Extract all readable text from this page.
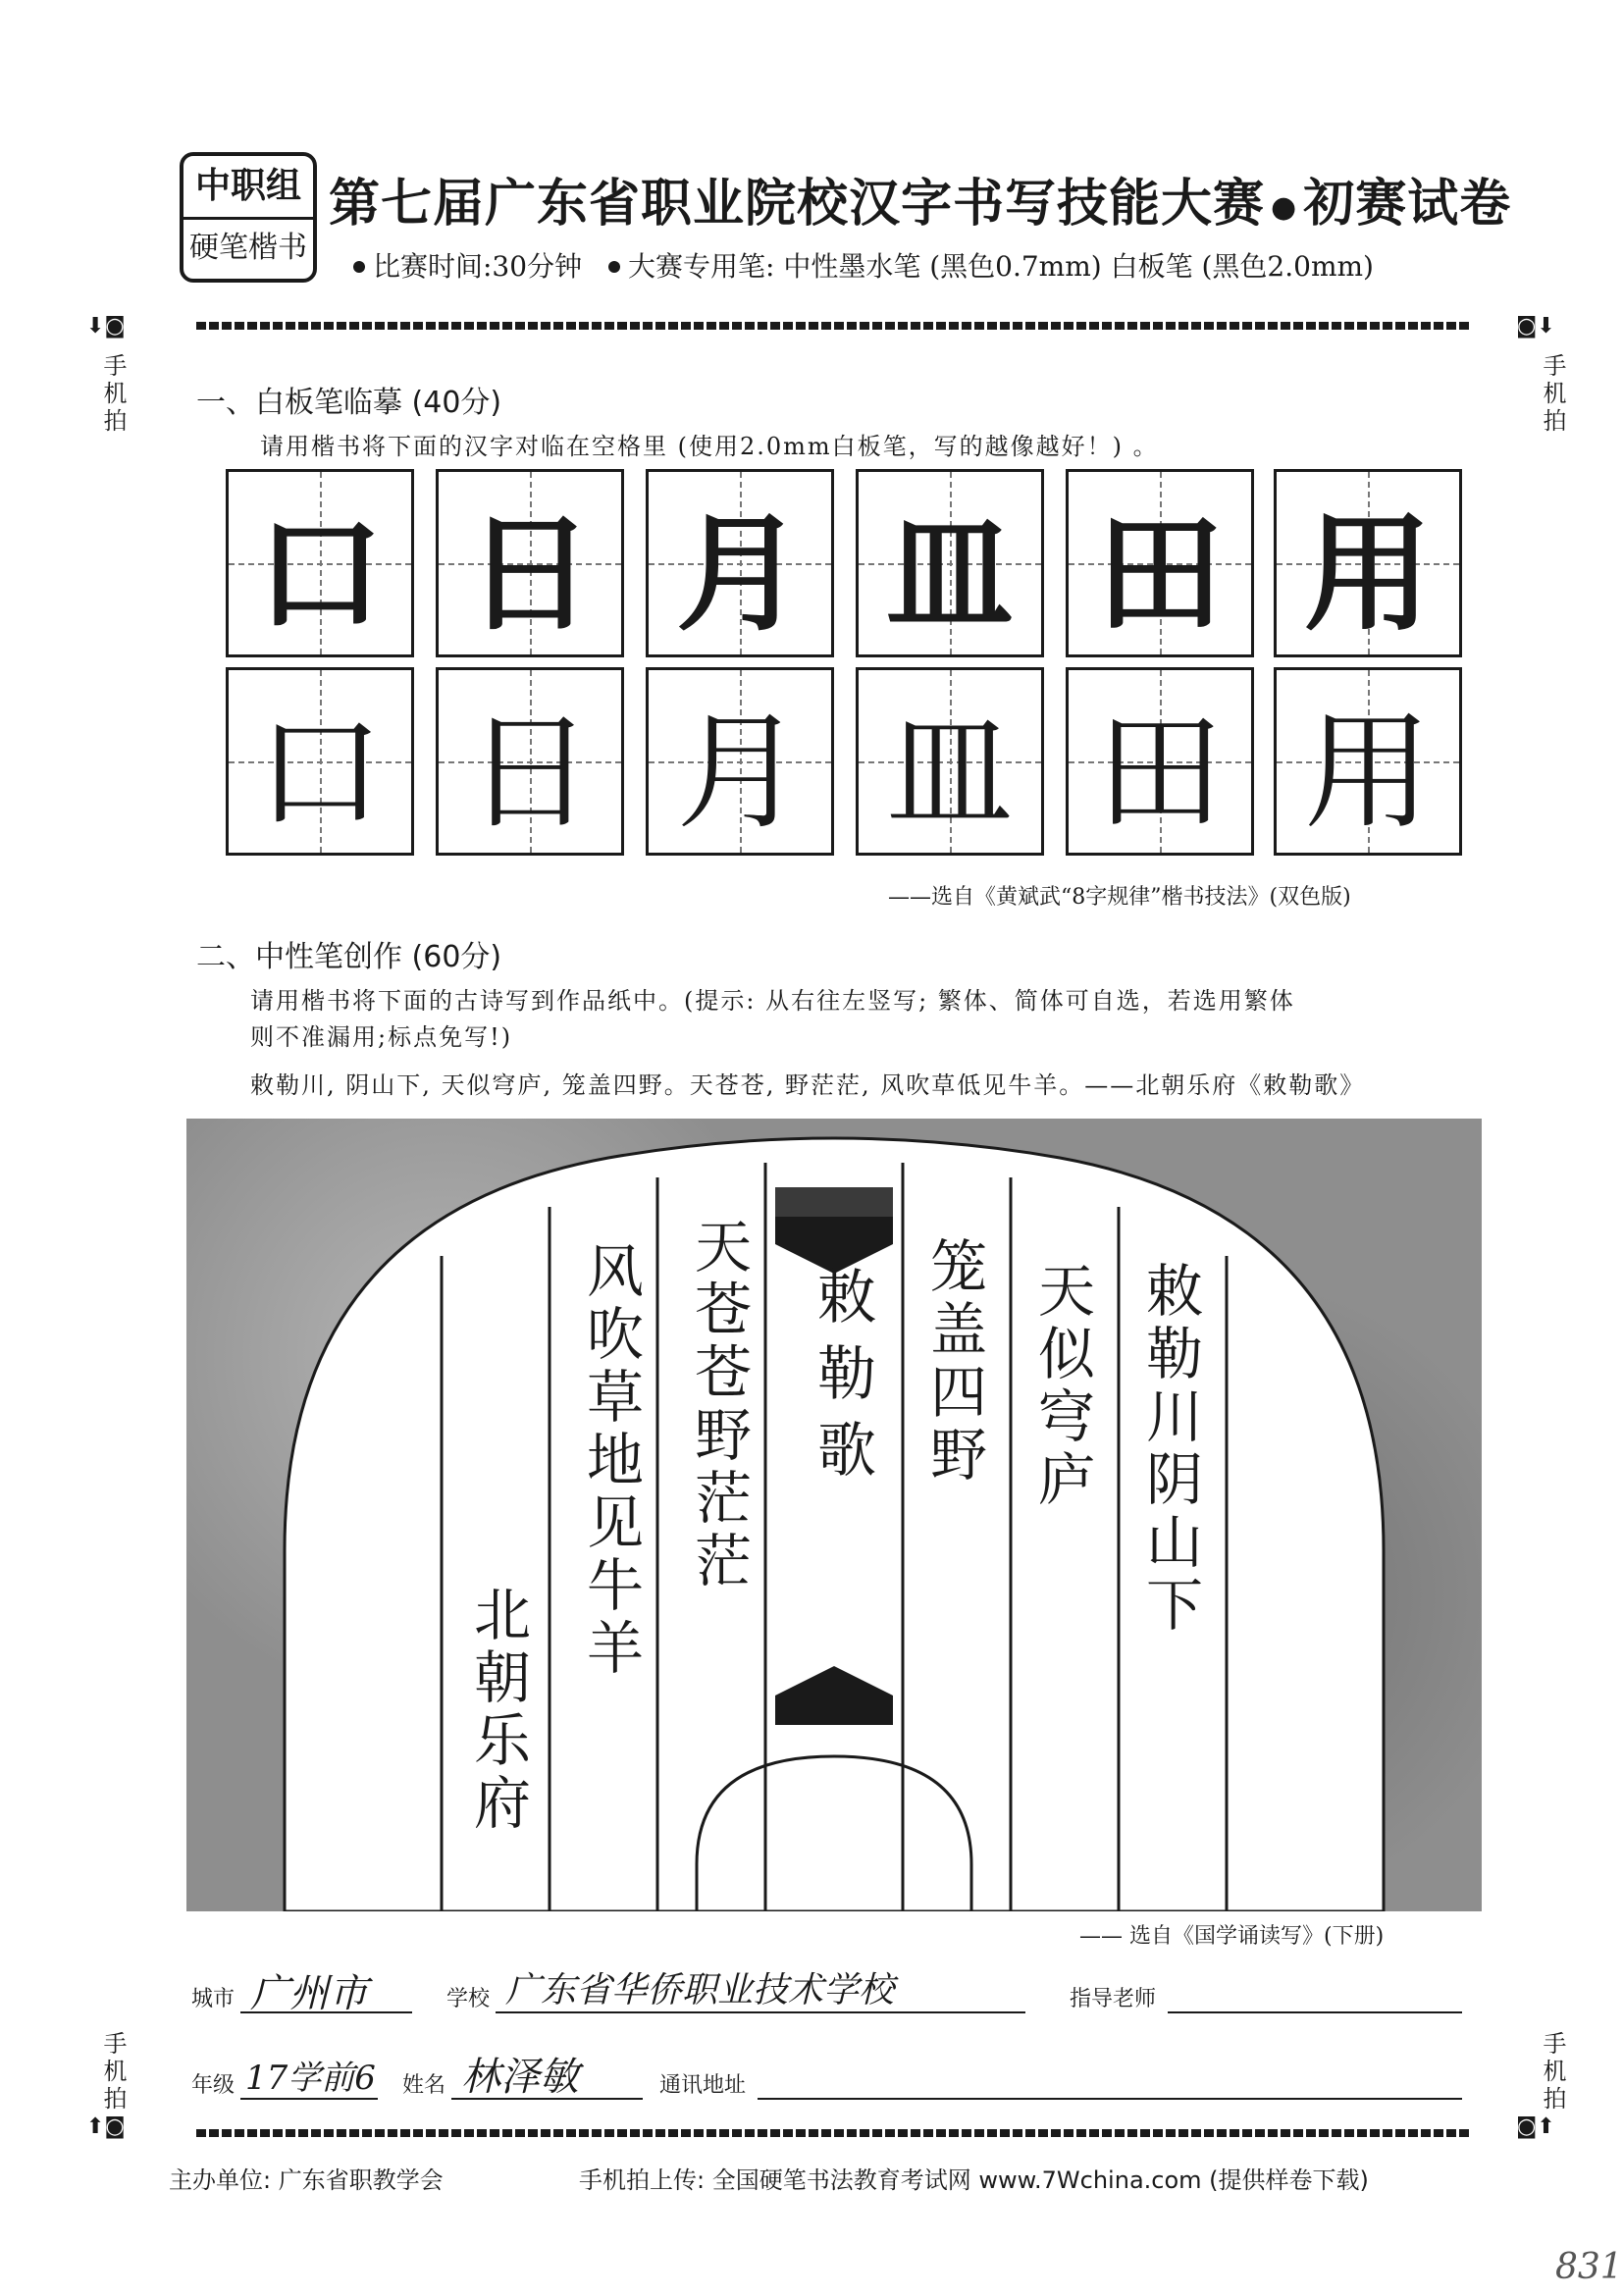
中职组
硬笔楷书
第七届广东省职业院校汉字书写技能大赛 ● 初赛试卷
比赛时间:30分钟 大赛专用笔: 中性墨水笔 (黑色0.7mm) 白板笔 (黑色2.0mm)
⬇◙
手机拍
◙⬇
手机拍
手机拍
⬆◙
手机拍
◙⬆
一、白板笔临摹 (40分)
请用楷书将下面的汉字对临在空格里 (使用2.0mm白板笔，写的越像越好！) 。
口 日 月 皿 田 用
口 日 月 皿 田 用
——选自《黄斌武“8字规律”楷书技法》(双色版)
二、中性笔创作 (60分)
请用楷书将下面的古诗写到作品纸中。(提示: 从右往左竖写; 繁体、简体可自选，若选用繁体
则不准漏用;标点免写!)
敕勒川, 阴山下, 天似穹庐, 笼盖四野。天苍苍, 野茫茫, 风吹草低见牛羊。——北朝乐府《敕勒歌》
敕勒川阴山下
天似穹庐
笼盖四野
敕勒歌
天苍苍野茫茫
风吹草地见牛羊
北朝乐府
—— 选自《国学诵读写》(下册)
城市 广州市	学校 广东省华侨职业技术学校	指导老师
年级 17学前6 姓名 林泽敏	通讯地址
主办单位: 广东省职教学会	手机拍上传: 全国硬笔书法教育考试网 www.7Wchina.com (提供样卷下载)
831
